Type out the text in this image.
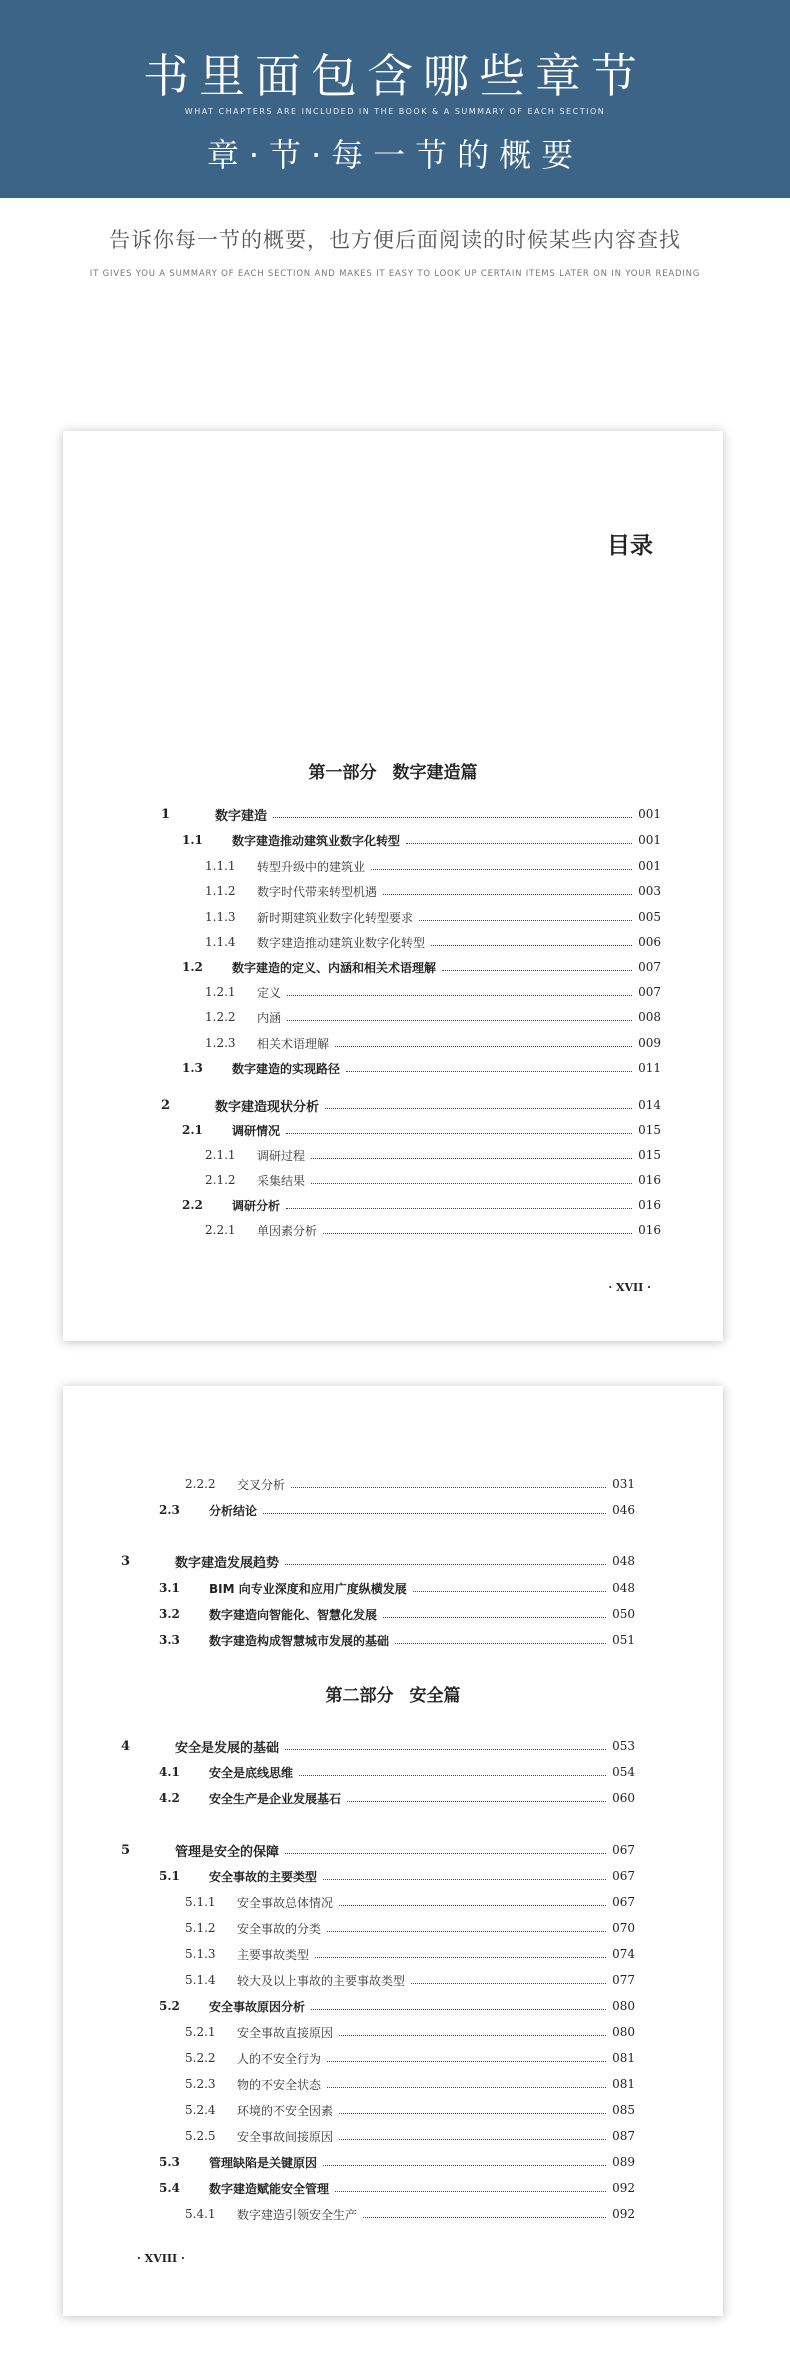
书里面包含哪些章节
WHAT CHAPTERS ARE INCLUDED IN THE BOOK & A SUMMARY OF EACH SECTION
章·节·每一节的概要
告诉你每一节的概要，也方便后面阅读的时候某些内容查找
IT GIVES YOU A SUMMARY OF EACH SECTION AND MAKES IT EASY TO LOOK UP CERTAIN ITEMS LATER ON IN YOUR READING
目录
第一部分 数字建造篇
1	数字建造	001
1.1	数字建造推动建筑业数字化转型	001
1.1.1	转型升级中的建筑业	001
1.1.2	数字时代带来转型机遇	003
1.1.3	新时期建筑业数字化转型要求	005
1.1.4	数字建造推动建筑业数字化转型	006
1.2	数字建造的定义、内涵和相关术语理解	007
1.2.1	定义	007
1.2.2	内涵	008
1.2.3	相关术语理解	009
1.3	数字建造的实现路径	011
2	数字建造现状分析	014
2.1	调研情况	015
2.1.1	调研过程	015
2.1.2	采集结果	016
2.2	调研分析	016
2.2.1	单因素分析	016
· XVII ·
2.2.2	交叉分析	031
2.3	分析结论	046
3	数字建造发展趋势	048
3.1	BIM 向专业深度和应用广度纵横发展	048
3.2	数字建造向智能化、智慧化发展	050
3.3	数字建造构成智慧城市发展的基础	051
第二部分 安全篇
4	安全是发展的基础	053
4.1	安全是底线思维	054
4.2	安全生产是企业发展基石	060
5	管理是安全的保障	067
5.1	安全事故的主要类型	067
5.1.1	安全事故总体情况	067
5.1.2	安全事故的分类	070
5.1.3	主要事故类型	074
5.1.4	较大及以上事故的主要事故类型	077
5.2	安全事故原因分析	080
5.2.1	安全事故直接原因	080
5.2.2	人的不安全行为	081
5.2.3	物的不安全状态	081
5.2.4	环境的不安全因素	085
5.2.5	安全事故间接原因	087
5.3	管理缺陷是关键原因	089
5.4	数字建造赋能安全管理	092
5.4.1	数字建造引领安全生产	092
· XVIII ·
